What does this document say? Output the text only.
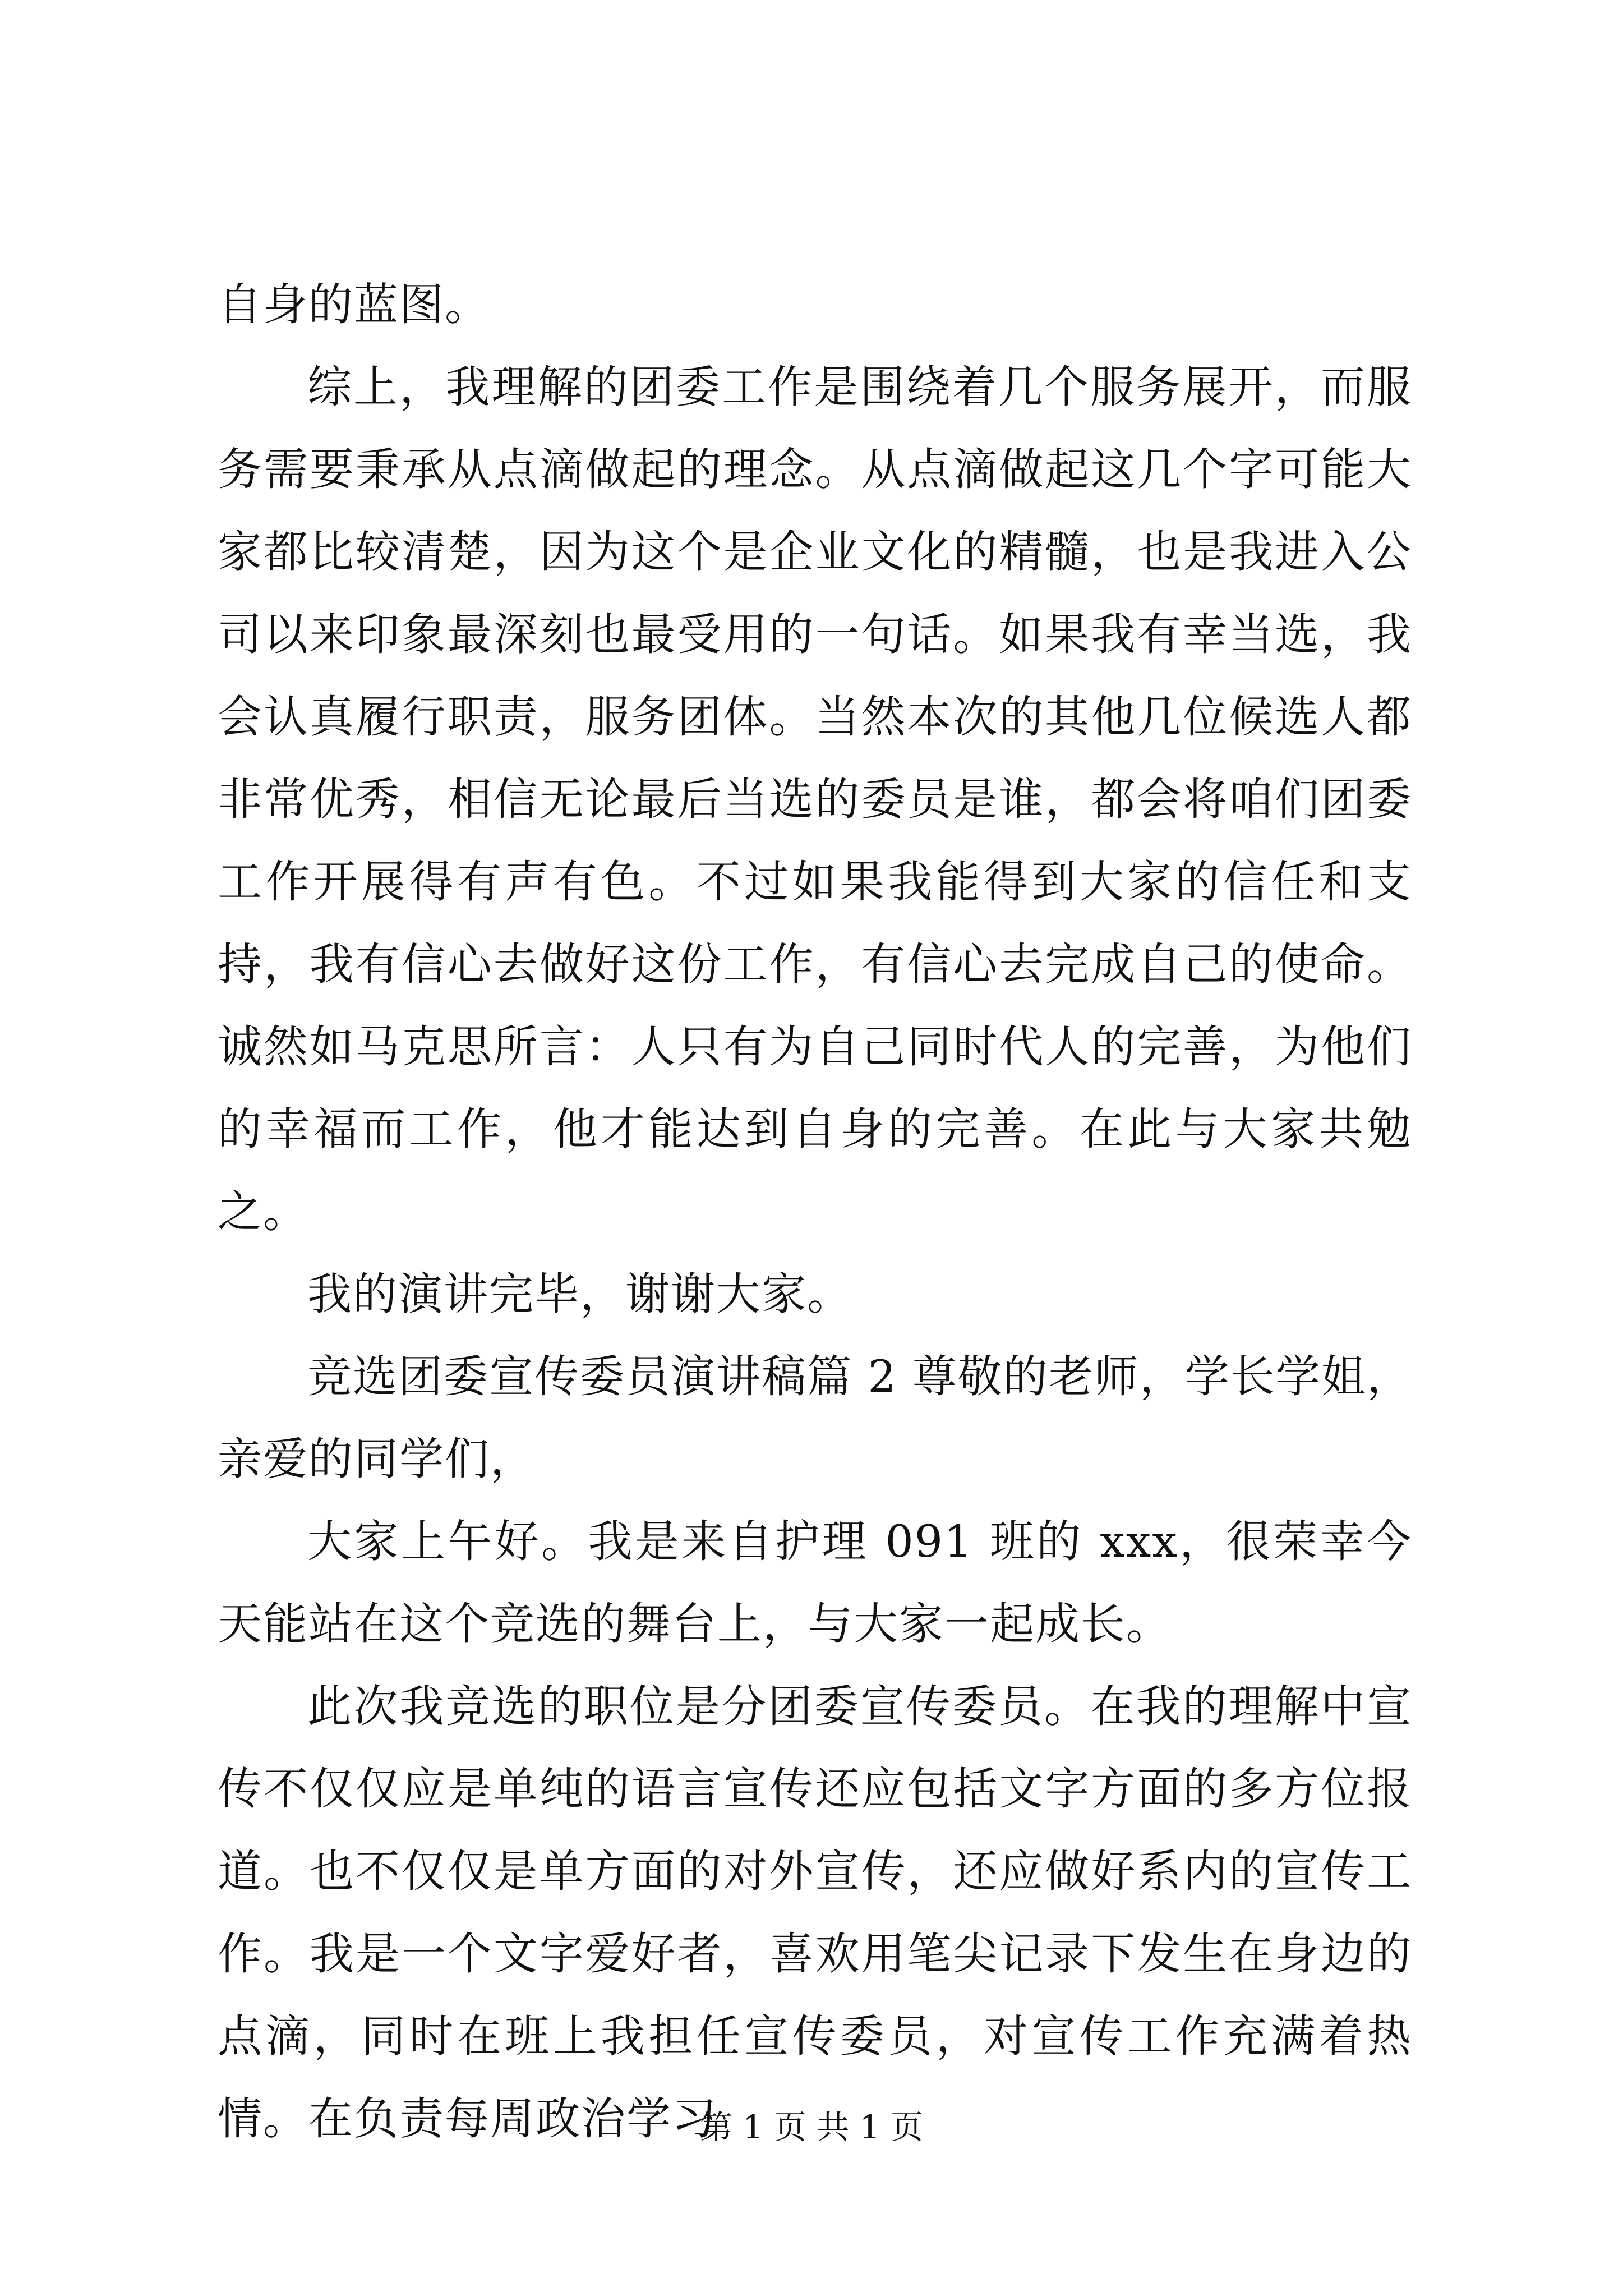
自身的蓝图。

综上，我理解的团委工作是围绕着几个服务展开，而服务需要秉承从点滴做起的理念。从点滴做起这几个字可能大家都比较清楚，因为这个是企业文化的精髓，也是我进入公司以来印象最深刻也最受用的一句话。如果我有幸当选，我会认真履行职责，服务团体。当然本次的其他几位候选人都非常优秀，相信无论最后当选的委员是谁，都会将咱们团委工作开展得有声有色。不过如果我能得到大家的信任和支持，我有信心去做好这份工作，有信心去完成自己的使命。诚然如马克思所言：人只有为自己同时代人的完善，为他们的幸福而工作，他才能达到自身的完善。在此与大家共勉之。

我的演讲完毕，谢谢大家。

竞选团委宣传委员演讲稿篇 2 尊敬的老师，学长学姐，亲爱的同学们，

大家上午好。我是来自护理 091 班的 xxx，很荣幸今天能站在这个竞选的舞台上，与大家一起成长。

此次我竞选的职位是分团委宣传委员。在我的理解中宣传不仅仅应是单纯的语言宣传还应包括文字方面的多方位报道。也不仅仅是单方面的对外宣传，还应做好系内的宣传工作。我是一个文字爱好者，喜欢用笔尖记录下发生在身边的点滴，同时在班上我担任宣传委员，对宣传工作充满着热情。在负责每周政治学习

第 1 页 共 1 页
